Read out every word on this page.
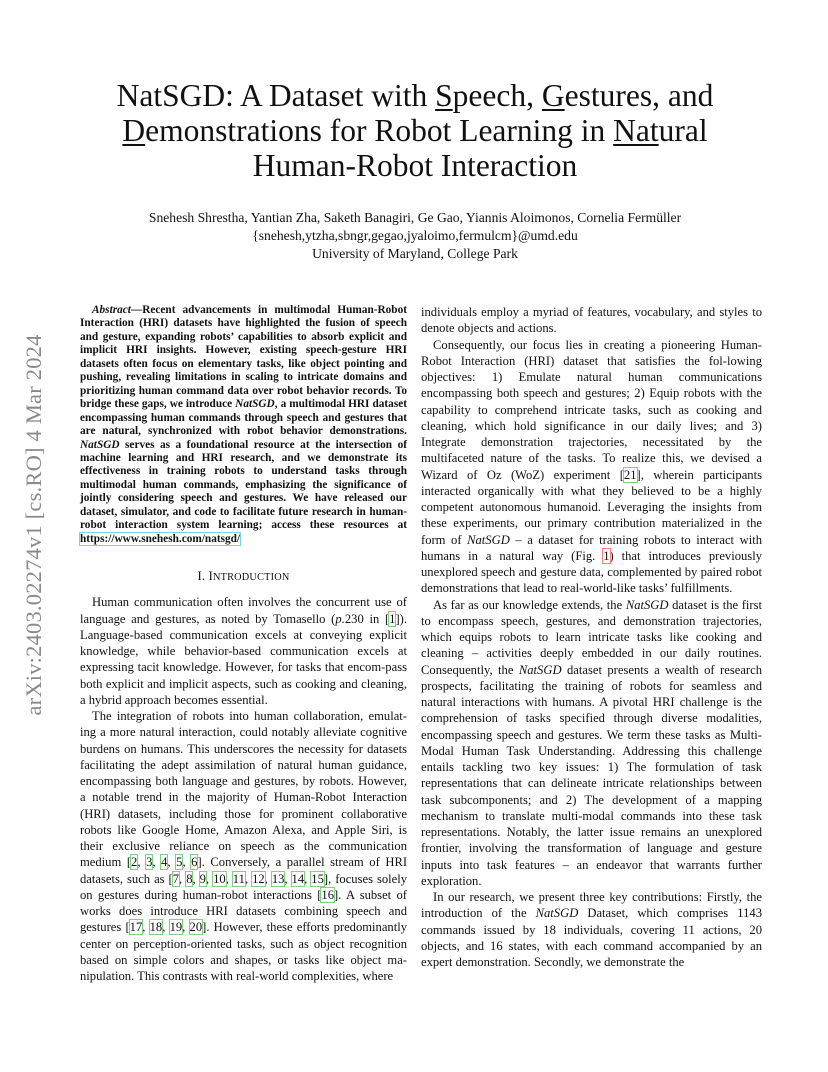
arXiv:2403.02274v1 [cs.RO] 4 Mar 2024
NatSGD: A Dataset with Speech, Gestures, and
Demonstrations for Robot Learning in Natural
Human-Robot Interaction
Snehesh Shrestha, Yantian Zha, Saketh Banagiri, Ge Gao, Yiannis Aloimonos, Cornelia Fermüller
{snehesh,ytzha,sbngr,gegao,jyaloimo,fermulcm}@umd.edu
University of Maryland, College Park

Abstract—Recent advancements in multimodal Human-Robot Interaction (HRI) datasets have highlighted the fusion of speech and gesture, expanding robots’ capabilities to absorb explicit and implicit HRI insights. However, existing speech-gesture HRI datasets often focus on elementary tasks, like object pointing and pushing, revealing limitations in scaling to intricate domains and prioritizing human command data over robot behavior records. To bridge these gaps, we introduce NatSGD, a multimodal HRI dataset encompassing human commands through speech and gestures that are natural, synchronized with robot behavior demonstrations. NatSGD serves as a foundational resource at the intersection of machine learning and HRI research, and we demonstrate its effectiveness in training robots to understand tasks through multimodal human commands, emphasizing the significance of jointly considering speech and gestures. We have released our dataset, simulator, and code to facilitate future research in human-robot interaction system learning; access these resources at https://www.snehesh.com/natsgd/

I. INTRODUCTION

Human communication often involves the concurrent use of language and gestures, as noted by Tomasello (p.230 in [1]). Language-based communication excels at conveying explicit knowledge, while behavior-based communication excels at expressing tacit knowledge. However, for tasks that encom-pass both explicit and implicit aspects, such as cooking and cleaning, a hybrid approach becomes essential.

The integration of robots into human collaboration, emulat-ing a more natural interaction, could notably alleviate cognitive burdens on humans. This underscores the necessity for datasets facilitating the adept assimilation of natural human guidance, encompassing both language and gestures, by robots. However, a notable trend in the majority of Human-Robot Interaction (HRI) datasets, including those for prominent collaborative robots like Google Home, Amazon Alexa, and Apple Siri, is their exclusive reliance on speech as the communication medium [2, 3, 4, 5, 6]. Conversely, a parallel stream of HRI datasets, such as [7, 8, 9, 10, 11, 12, 13, 14, 15], focuses solely on gestures during human-robot interactions [16]. A subset of works does introduce HRI datasets combining speech and gestures [17, 18, 19, 20]. However, these efforts predominantly center on perception-oriented tasks, such as object recognition based on simple colors and shapes, or tasks like object ma-nipulation. This contrasts with real-world complexities, where

individuals employ a myriad of features, vocabulary, and styles to denote objects and actions.

Consequently, our focus lies in creating a pioneering Human-Robot Interaction (HRI) dataset that satisfies the fol-lowing objectives: 1) Emulate natural human communications encompassing both speech and gestures; 2) Equip robots with the capability to comprehend intricate tasks, such as cooking and cleaning, which hold significance in our daily lives; and 3) Integrate demonstration trajectories, necessitated by the multifaceted nature of the tasks. To realize this, we devised a Wizard of Oz (WoZ) experiment [21], wherein participants interacted organically with what they believed to be a highly competent autonomous humanoid. Leveraging the insights from these experiments, our primary contribution materialized in the form of NatSGD – a dataset for training robots to interact with humans in a natural way (Fig. 1) that introduces previously unexplored speech and gesture data, complemented by paired robot demonstrations that lead to real-world-like tasks’ fulfillments.

As far as our knowledge extends, the NatSGD dataset is the first to encompass speech, gestures, and demonstration trajectories, which equips robots to learn intricate tasks like cooking and cleaning – activities deeply embedded in our daily routines. Consequently, the NatSGD dataset presents a wealth of research prospects, facilitating the training of robots for seamless and natural interactions with humans. A pivotal HRI challenge is the comprehension of tasks specified through diverse modalities, encompassing speech and gestures. We term these tasks as Multi-Modal Human Task Understanding. Addressing this challenge entails tackling two key issues: 1) The formulation of task representations that can delineate intricate relationships between task subcomponents; and 2) The development of a mapping mechanism to translate multi-modal commands into these task representations. Notably, the latter issue remains an unexplored frontier, involving the transformation of language and gesture inputs into task features – an endeavor that warrants further exploration.

In our research, we present three key contributions: Firstly, the introduction of the NatSGD Dataset, which comprises 1143 commands issued by 18 individuals, covering 11 actions, 20 objects, and 16 states, with each command accompanied by an expert demonstration. Secondly, we demonstrate the
